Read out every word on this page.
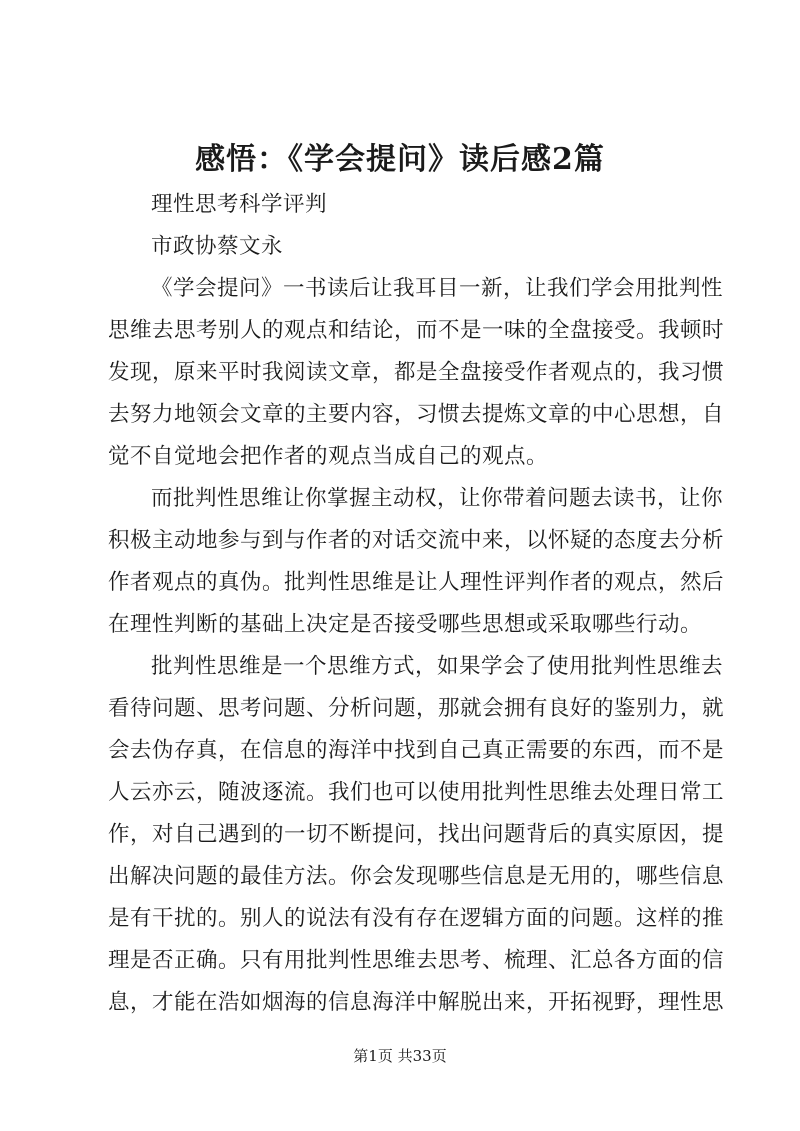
感悟：《学会提问》读后感2篇
理性思考科学评判
市政协蔡文永
《学会提问》一书读后让我耳目一新，让我们学会用批判性
思维去思考别人的观点和结论，而不是一味的全盘接受。我顿时
发现，原来平时我阅读文章，都是全盘接受作者观点的，我习惯
去努力地领会文章的主要内容，习惯去提炼文章的中心思想，自
觉不自觉地会把作者的观点当成自己的观点。
而批判性思维让你掌握主动权，让你带着问题去读书，让你
积极主动地参与到与作者的对话交流中来，以怀疑的态度去分析
作者观点的真伪。批判性思维是让人理性评判作者的观点，然后
在理性判断的基础上决定是否接受哪些思想或采取哪些行动。
批判性思维是一个思维方式，如果学会了使用批判性思维去
看待问题、思考问题、分析问题，那就会拥有良好的鉴别力，就
会去伪存真，在信息的海洋中找到自己真正需要的东西，而不是
人云亦云，随波逐流。我们也可以使用批判性思维去处理日常工
作，对自己遇到的一切不断提问，找出问题背后的真实原因，提
出解决问题的最佳方法。你会发现哪些信息是无用的，哪些信息
是有干扰的。别人的说法有没有存在逻辑方面的问题。这样的推
理是否正确。只有用批判性思维去思考、梳理、汇总各方面的信
息，才能在浩如烟海的信息海洋中解脱出来，开拓视野，理性思
第1页 共33页
